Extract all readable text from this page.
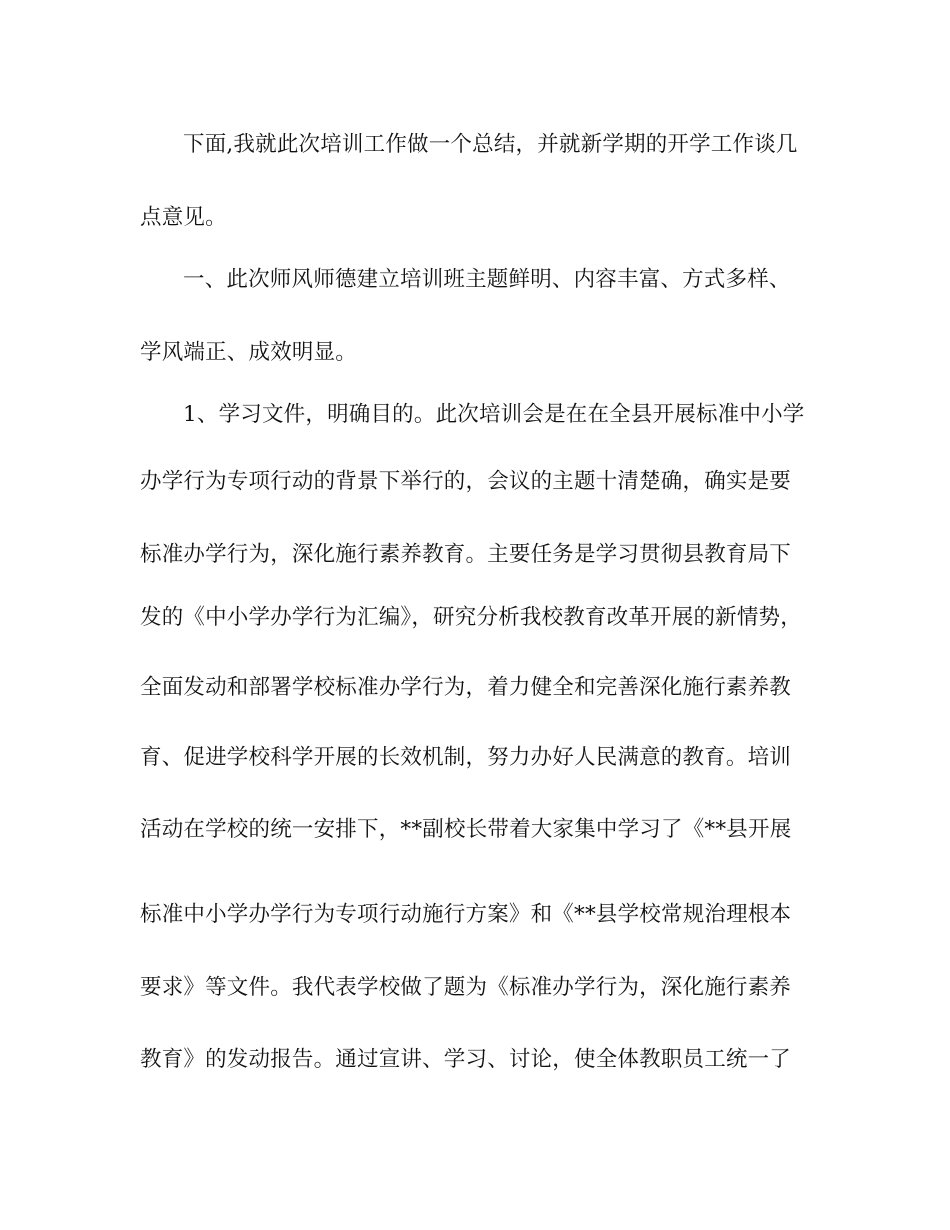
下面,我就此次培训工作做一个总结，并就新学期的开学工作谈几
点意见。
一、此次师风师德建立培训班主题鲜明、内容丰富、方式多样、
学风端正、成效明显。
1、学习文件，明确目的。此次培训会是在在全县开展标准中小学
办学行为专项行动的背景下举行的，会议的主题十清楚确，确实是要
标准办学行为，深化施行素养教育。主要任务是学习贯彻县教育局下
发的《中小学办学行为汇编》，研究分析我校教育改革开展的新情势，
全面发动和部署学校标准办学行为，着力健全和完善深化施行素养教
育、促进学校科学开展的长效机制，努力办好人民满意的教育。培训
活动在学校的统一安排下，**副校长带着大家集中学习了《**县开展
标准中小学办学行为专项行动施行方案》和《**县学校常规治理根本
要求》等文件。我代表学校做了题为《标准办学行为，深化施行素养
教育》的发动报告。通过宣讲、学习、讨论，使全体教职员工统一了
